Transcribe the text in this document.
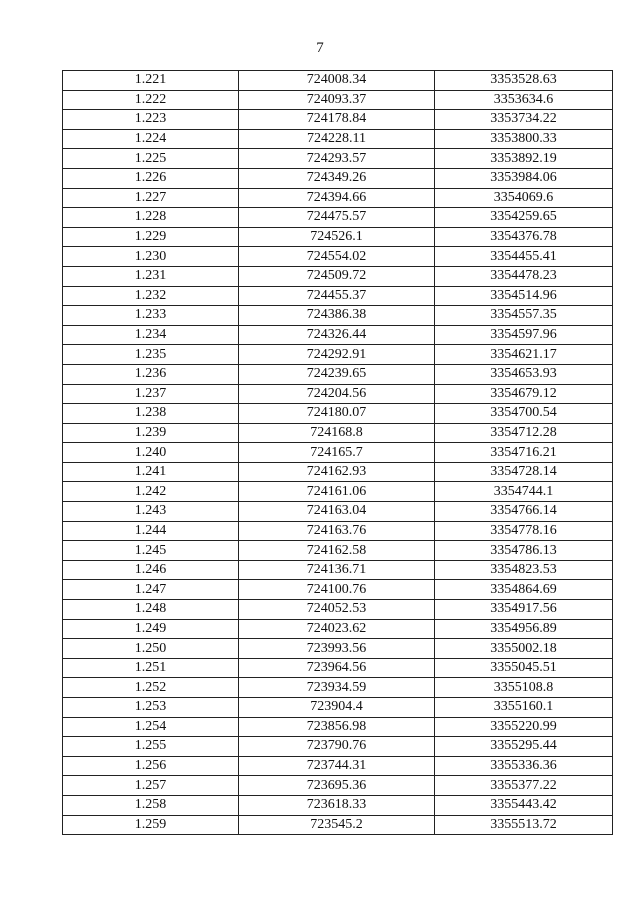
7
1.221	724008.34	3353528.63
1.222	724093.37	3353634.6
1.223	724178.84	3353734.22
1.224	724228.11	3353800.33
1.225	724293.57	3353892.19
1.226	724349.26	3353984.06
1.227	724394.66	3354069.6
1.228	724475.57	3354259.65
1.229	724526.1	3354376.78
1.230	724554.02	3354455.41
1.231	724509.72	3354478.23
1.232	724455.37	3354514.96
1.233	724386.38	3354557.35
1.234	724326.44	3354597.96
1.235	724292.91	3354621.17
1.236	724239.65	3354653.93
1.237	724204.56	3354679.12
1.238	724180.07	3354700.54
1.239	724168.8	3354712.28
1.240	724165.7	3354716.21
1.241	724162.93	3354728.14
1.242	724161.06	3354744.1
1.243	724163.04	3354766.14
1.244	724163.76	3354778.16
1.245	724162.58	3354786.13
1.246	724136.71	3354823.53
1.247	724100.76	3354864.69
1.248	724052.53	3354917.56
1.249	724023.62	3354956.89
1.250	723993.56	3355002.18
1.251	723964.56	3355045.51
1.252	723934.59	3355108.8
1.253	723904.4	3355160.1
1.254	723856.98	3355220.99
1.255	723790.76	3355295.44
1.256	723744.31	3355336.36
1.257	723695.36	3355377.22
1.258	723618.33	3355443.42
1.259	723545.2	3355513.72
